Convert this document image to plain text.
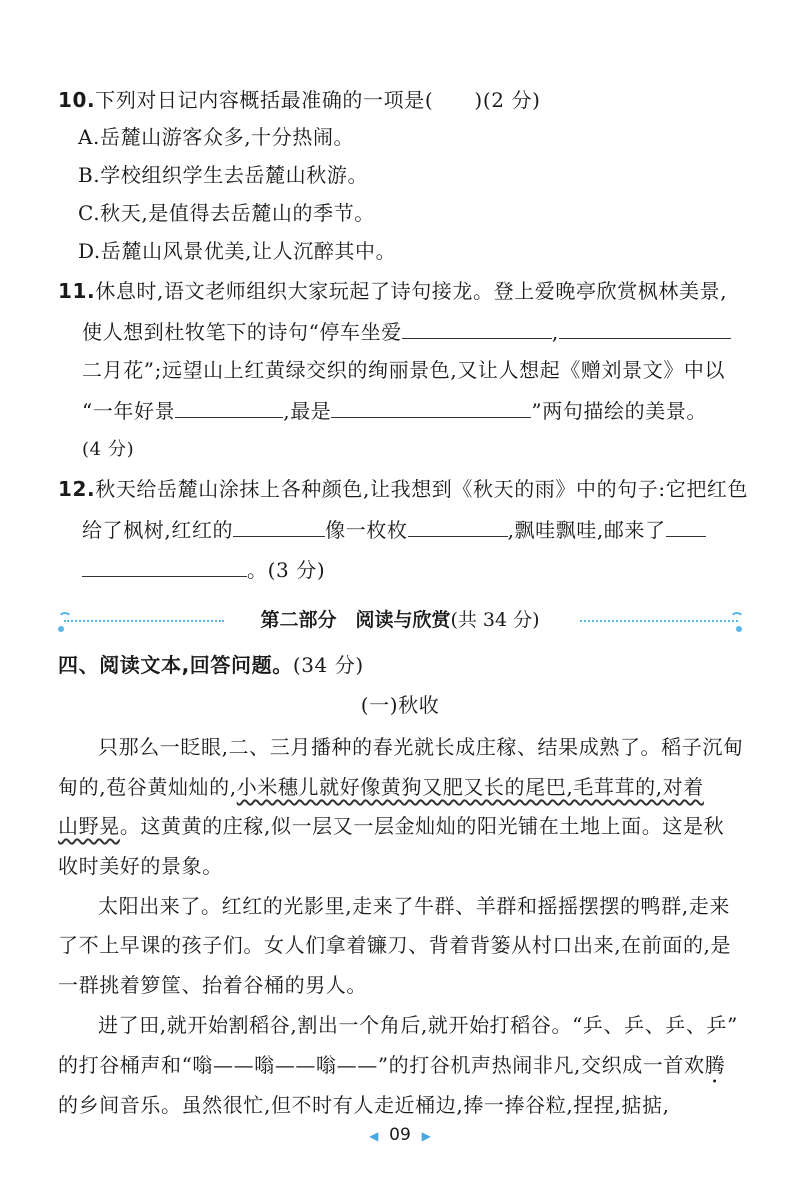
10.下列对日记内容概括最准确的一项是(　　)(2 分)
A.岳麓山游客众多,十分热闹。
B.学校组织学生去岳麓山秋游。
C.秋天,是值得去岳麓山的季节。
D.岳麓山风景优美,让人沉醉其中。
11.休息时,语文老师组织大家玩起了诗句接龙。登上爱晚亭欣赏枫林美景,
使人想到杜牧笔下的诗句“停车坐爱	,
二月花”;远望山上红黄绿交织的绚丽景色,又让人想起《赠刘景文》中以
“一年好景	,最是	”两句描绘的美景。
(4 分)
12.秋天给岳麓山涂抹上各种颜色,让我想到《秋天的雨》中的句子:它把红色
给了枫树,红红的	像一枚枚	,飘哇飘哇,邮来了
。(3 分)
第二部分　阅读与欣赏(共 34 分)
四、阅读文本,回答问题。(34 分)
(一)秋收
只那么一眨眼,二、三月播种的春光就长成庄稼、结果成熟了。稻子沉甸
甸的,苞谷黄灿灿的,小米穗儿就好像黄狗又肥又长的尾巴,毛茸茸的,对着
山野晃。这黄黄的庄稼,似一层又一层金灿灿的阳光铺在土地上面。这是秋
收时美好的景象。
太阳出来了。红红的光影里,走来了牛群、羊群和摇摇摆摆的鸭群,走来
了不上早课的孩子们。女人们拿着镰刀、背着背篓从村口出来,在前面的,是
一群挑着箩筐、抬着谷桶的男人。
进了田,就开始割稻谷,割出一个角后,就开始打稻谷。“乒、乒、乒、乒”
的打谷桶声和“嗡——嗡——嗡——”的打谷机声热闹非凡,交织成一首欢腾
的乡间音乐。虽然很忙,但不时有人走近桶边,捧一捧谷粒,捏捏,掂掂,
◀ 09 ▶
